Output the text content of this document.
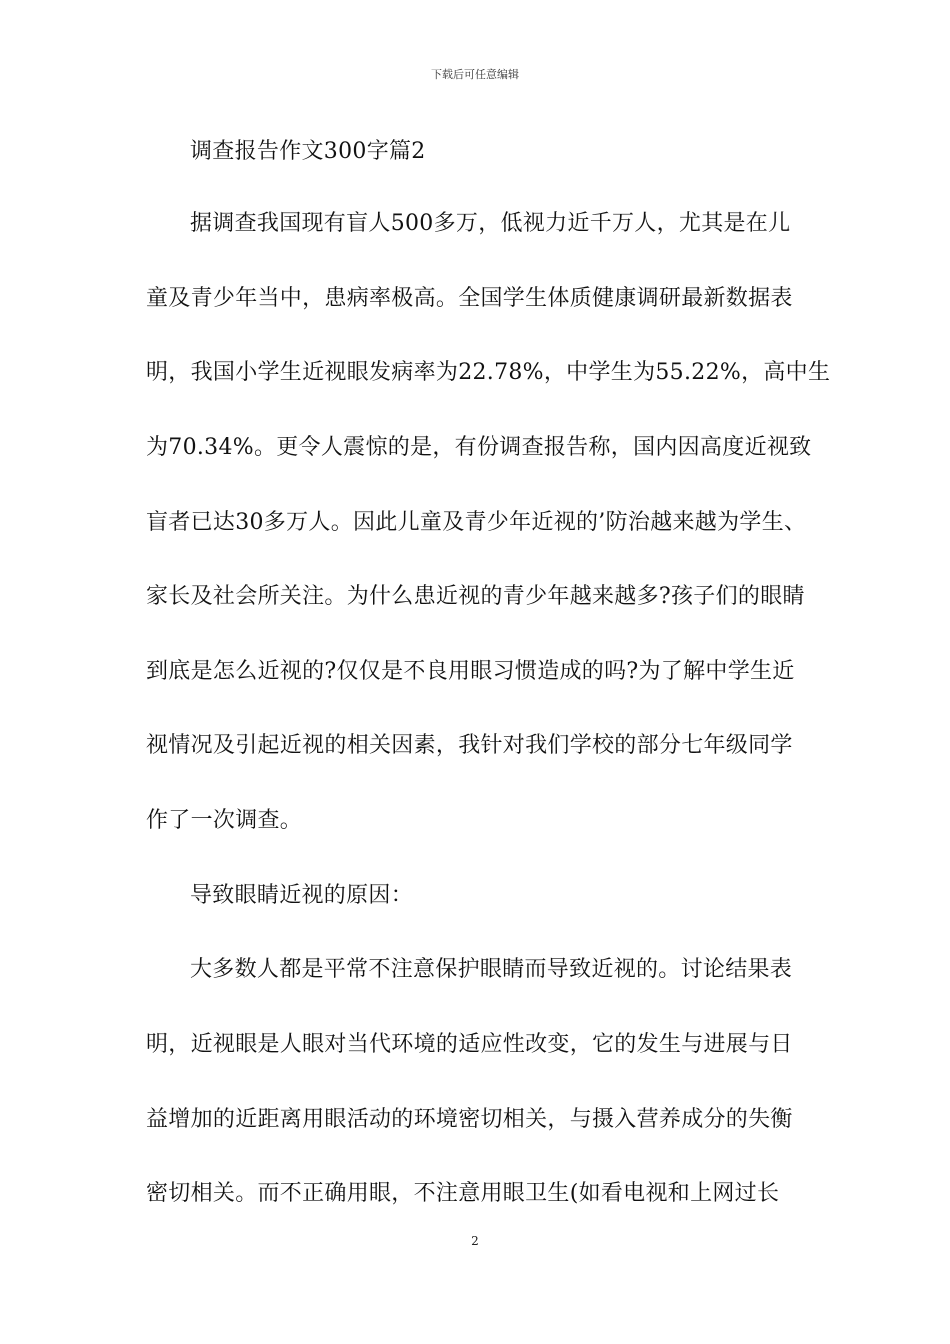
下载后可任意编辑
调查报告作文300字篇2
据调查我国现有盲人500多万，低视力近千万人，尤其是在儿
童及青少年当中，患病率极高。全国学生体质健康调研最新数据表
明，我国小学生近视眼发病率为22.78%，中学生为55.22%，高中生
为70.34%。更令人震惊的是，有份调查报告称，国内因高度近视致
盲者已达30多万人。因此儿童及青少年近视的’防治越来越为学生、
家长及社会所关注。为什么患近视的青少年越来越多?孩子们的眼睛
到底是怎么近视的?仅仅是不良用眼习惯造成的吗?为了解中学生近
视情况及引起近视的相关因素，我针对我们学校的部分七年级同学
作了一次调查。
导致眼睛近视的原因：
大多数人都是平常不注意保护眼睛而导致近视的。讨论结果表
明，近视眼是人眼对当代环境的适应性改变，它的发生与进展与日
益增加的近距离用眼活动的环境密切相关，与摄入营养成分的失衡
密切相关。而不正确用眼，不注意用眼卫生(如看电视和上网过长
2
